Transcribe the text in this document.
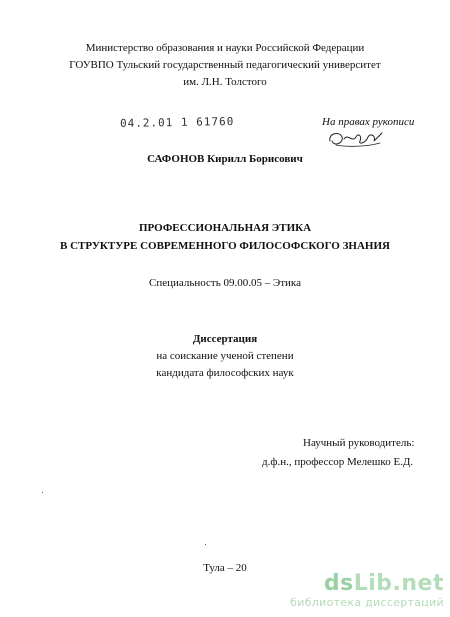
Министерство образования и науки Российской Федерации
ГОУВПО Тульский государственный педагогический университет
им. Л.Н. Толстого
04.2.01 1 61760	На правах рукописи
САФОНОВ Кирилл Борисович
ПРОФЕССИОНАЛЬНАЯ ЭТИКА
В СТРУКТУРЕ СОВРЕМЕННОГО ФИЛОСОФСКОГО ЗНАНИЯ
Специальность 09.00.05 – Этика
Диссертация
на соискание ученой степени
кандидата философских наук
Научный руководитель:
д.ф.н., профессор Мелешко Е.Д.
Тула – 20
dsLib.net
библиотека диссертаций
